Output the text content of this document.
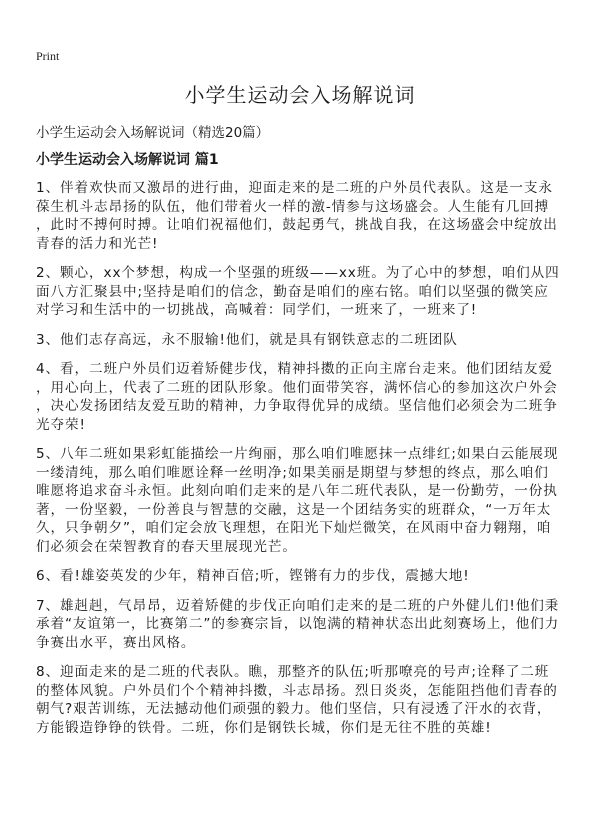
Print
小学生运动会入场解说词
小学生运动会入场解说词（精选20篇）
小学生运动会入场解说词 篇1
1、伴着欢快而又激昂的进行曲，迎面走来的是二班的户外员代表队。这是一支永
葆生机斗志昂扬的队伍，他们带着火一样的激-情参与这场盛会。人生能有几回搏
，此时不搏何时搏。让咱们祝福他们，鼓起勇气，挑战自我，在这场盛会中绽放出
青春的活力和光芒!
2、颗心，xx个梦想，构成一个坚强的班级——xx班。为了心中的梦想，咱们从四
面八方汇聚县中;坚持是咱们的信念，勤奋是咱们的座右铭。咱们以坚强的微笑应
对学习和生活中的一切挑战，高喊着：同学们，一班来了，一班来了!
3、他们志存高远，永不服输!他们，就是具有钢铁意志的二班团队
4、看，二班户外员们迈着矫健步伐，精神抖擞的正向主席台走来。他们团结友爱
，用心向上，代表了二班的团队形象。他们面带笑容，满怀信心的参加这次户外会
，决心发扬团结友爱互助的精神，力争取得优异的成绩。坚信他们必须会为二班争
光夺荣!
5、八年二班如果彩虹能描绘一片绚丽，那么咱们唯愿抹一点绯红;如果白云能展现
一缕清纯，那么咱们唯愿诠释一丝明净;如果美丽是期望与梦想的终点，那么咱们
唯愿将追求奋斗永恒。此刻向咱们走来的是八年二班代表队，是一份勤劳，一份执
著，一份坚毅，一份善良与智慧的交融，这是一个团结务实的班群众，“一万年太
久，只争朝夕”，咱们定会放飞理想，在阳光下灿烂微笑，在风雨中奋力翱翔，咱
们必须会在荣智教育的春天里展现光芒。
6、看!雄姿英发的少年，精神百倍;听，铿锵有力的步伐，震撼大地!
7、雄赳赳，气昂昂，迈着矫健的步伐正向咱们走来的是二班的户外健儿们!他们秉
承着“友谊第一，比赛第二”的参赛宗旨，以饱满的精神状态出此刻赛场上，他们力
争赛出水平，赛出风格。
8、迎面走来的是二班的代表队。瞧，那整齐的队伍;听那嘹亮的号声;诠释了二班
的整体风貌。户外员们个个精神抖擞，斗志昂扬。烈日炎炎，怎能阻挡他们青春的
朝气?艰苦训练，无法撼动他们顽强的毅力。他们坚信，只有浸透了汗水的衣背，
方能锻造铮铮的铁骨。二班，你们是钢铁长城，你们是无往不胜的英雄!
